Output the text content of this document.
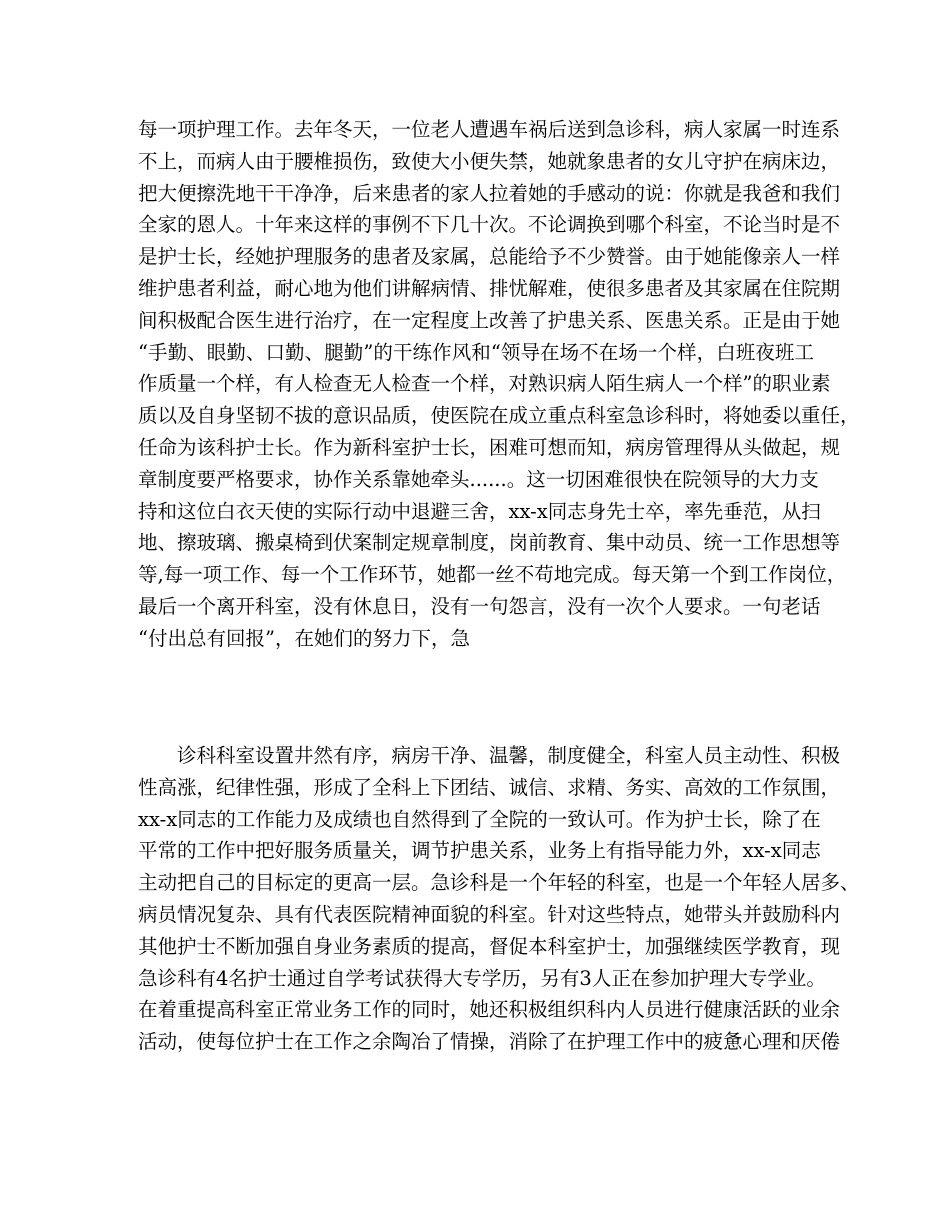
每一项护理工作。去年冬天，一位老人遭遇车祸后送到急诊科，病人家属一时连系
不上，而病人由于腰椎损伤，致使大小便失禁，她就象患者的女儿守护在病床边，
把大便擦洗地干干净净，后来患者的家人拉着她的手感动的说：你就是我爸和我们
全家的恩人。十年来这样的事例不下几十次。不论调换到哪个科室，不论当时是不
是护士长，经她护理服务的患者及家属，总能给予不少赞誉。由于她能像亲人一样
维护患者利益，耐心地为他们讲解病情、排忧解难，使很多患者及其家属在住院期
间积极配合医生进行治疗，在一定程度上改善了护患关系、医患关系。正是由于她
“手勤、眼勤、口勤、腿勤”的干练作风和“领导在场不在场一个样，白班夜班工
作质量一个样，有人检查无人检查一个样，对熟识病人陌生病人一个样”的职业素
质以及自身坚韧不拔的意识品质，使医院在成立重点科室急诊科时，将她委以重任，
任命为该科护士长。作为新科室护士长，困难可想而知，病房管理得从头做起，规
章制度要严格要求，协作关系靠她牵头......。这一切困难很快在院领导的大力支
持和这位白衣天使的实际行动中退避三舍，xx-x同志身先士卒，率先垂范，从扫
地、擦玻璃、搬桌椅到伏案制定规章制度，岗前教育、集中动员、统一工作思想等
等,每一项工作、每一个工作环节，她都一丝不苟地完成。每天第一个到工作岗位，
最后一个离开科室，没有休息日，没有一句怨言，没有一次个人要求。一句老话
“付出总有回报”，在她们的努力下，急
诊科科室设置井然有序，病房干净、温馨，制度健全，科室人员主动性、积极
性高涨，纪律性强，形成了全科上下团结、诚信、求精、务实、高效的工作氛围，
xx-x同志的工作能力及成绩也自然得到了全院的一致认可。作为护士长，除了在
平常的工作中把好服务质量关，调节护患关系，业务上有指导能力外，xx-x同志
主动把自己的目标定的更高一层。急诊科是一个年轻的科室，也是一个年轻人居多、
病员情况复杂、具有代表医院精神面貌的科室。针对这些特点，她带头并鼓励科内
其他护士不断加强自身业务素质的提高，督促本科室护士，加强继续医学教育，现
急诊科有4名护士通过自学考试获得大专学历，另有3人正在参加护理大专学业。
在着重提高科室正常业务工作的同时，她还积极组织科内人员进行健康活跃的业余
活动，使每位护士在工作之余陶冶了情操，消除了在护理工作中的疲惫心理和厌倦
